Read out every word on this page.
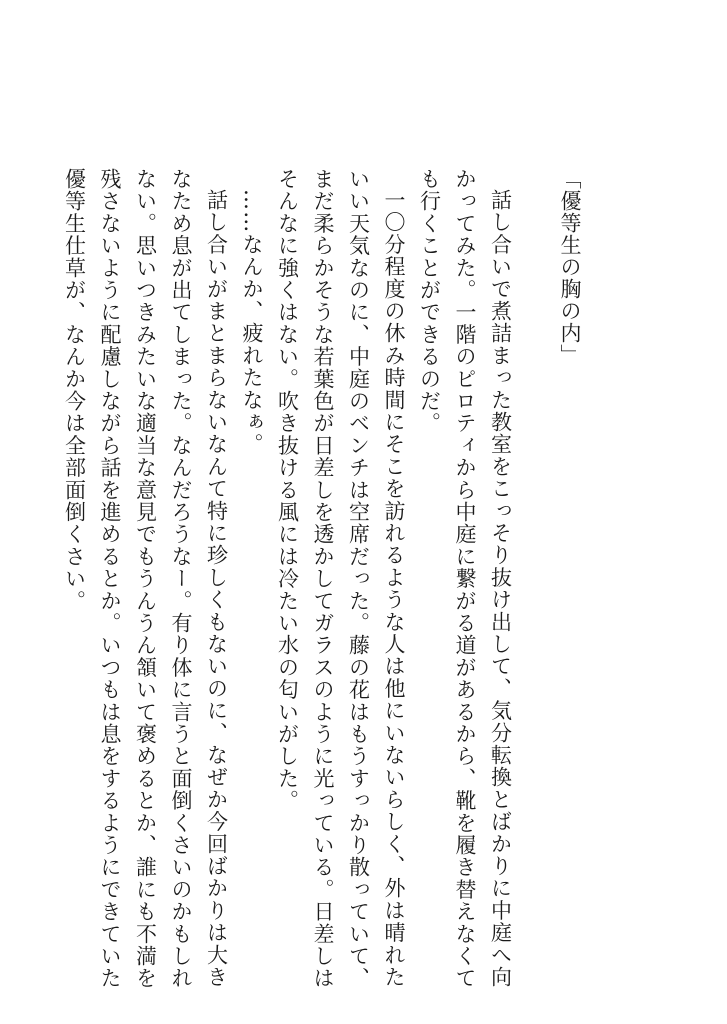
「優等生の胸の内」
話し合いで煮詰まった教室をこっそり抜け出して、気分転換とばかりに中庭へ向
かってみた。一階のピロティから中庭に繋がる道があるから、靴を履き替えなくて
も行くことができるのだ。
一〇分程度の休み時間にそこを訪れるような人は他にいないらしく、外は晴れた
いい天気なのに、中庭のベンチは空席だった。藤の花はもうすっかり散っていて、
まだ柔らかそうな若葉色が日差しを透かしてガラスのように光っている。日差しは
そんなに強くはない。吹き抜ける風には冷たい水の匂いがした。
……なんか、疲れたなぁ。
話し合いがまとまらないなんて特に珍しくもないのに、なぜか今回ばかりは大き
なため息が出てしまった。なんだろうなー。有り体に言うと面倒くさいのかもしれ
ない。思いつきみたいな適当な意見でもうんうん頷いて褒めるとか、誰にも不満を
残さないように配慮しながら話を進めるとか。いつもは息をするようにできていた
優等生仕草が、なんか今は全部面倒くさい。
